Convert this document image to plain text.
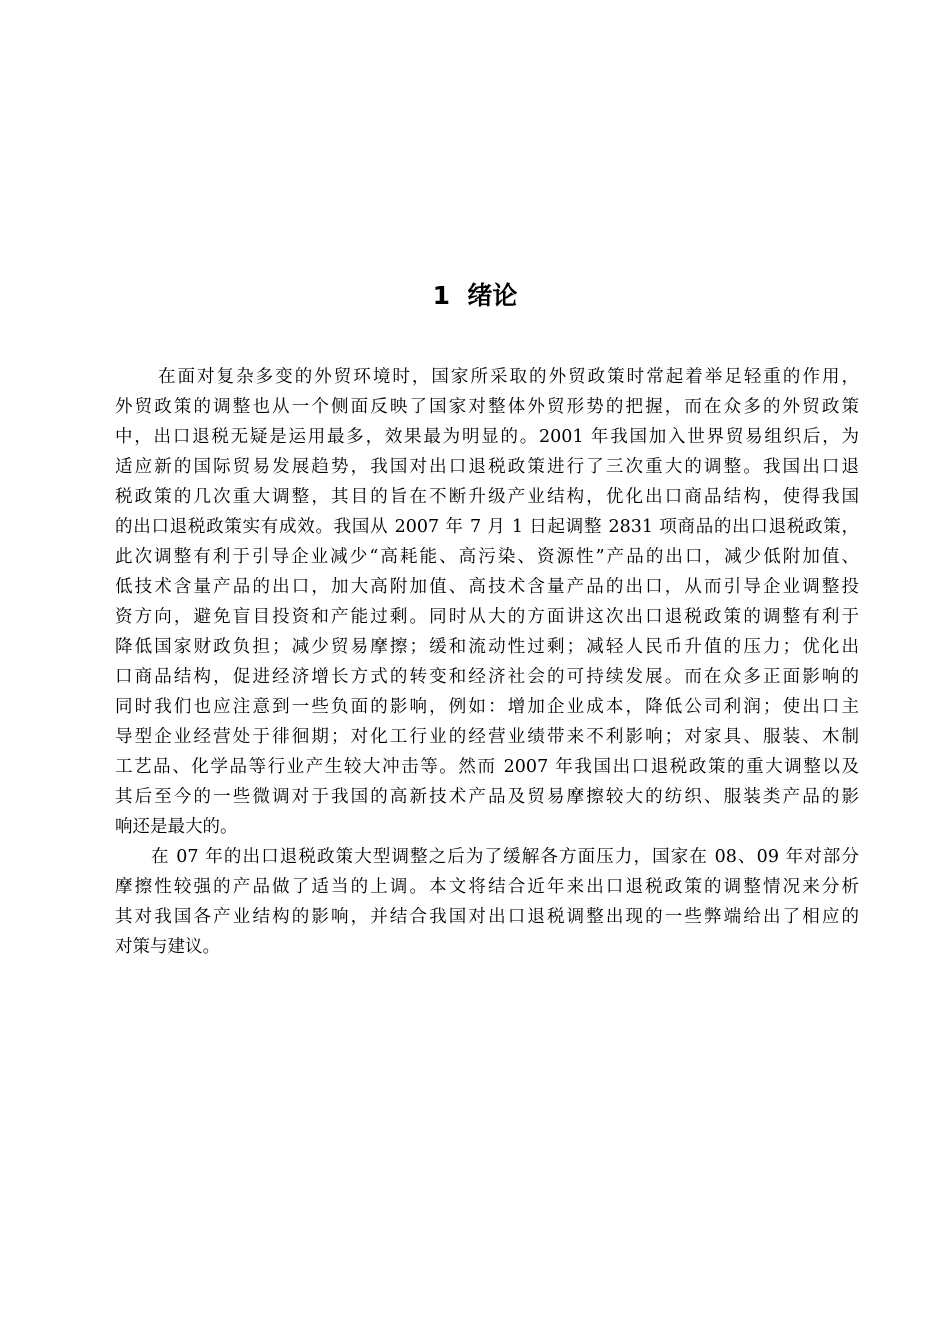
1  绪论
在面对复杂多变的外贸环境时，国家所采取的外贸政策时常起着举足轻重的作用，
外贸政策的调整也从一个侧面反映了国家对整体外贸形势的把握，而在众多的外贸政策
中，出口退税无疑是运用最多，效果最为明显的。2001 年我国加入世界贸易组织后，为
适应新的国际贸易发展趋势，我国对出口退税政策进行了三次重大的调整。我国出口退
税政策的几次重大调整，其目的旨在不断升级产业结构，优化出口商品结构，使得我国
的出口退税政策实有成效。我国从 2007 年 7 月 1 日起调整 2831 项商品的出口退税政策，
此次调整有利于引导企业减少“高耗能、高污染、资源性”产品的出口，减少低附加值、
低技术含量产品的出口，加大高附加值、高技术含量产品的出口，从而引导企业调整投
资方向，避免盲目投资和产能过剩。同时从大的方面讲这次出口退税政策的调整有利于
降低国家财政负担；减少贸易摩擦；缓和流动性过剩；减轻人民币升值的压力；优化出
口商品结构，促进经济增长方式的转变和经济社会的可持续发展。而在众多正面影响的
同时我们也应注意到一些负面的影响，例如：增加企业成本，降低公司利润；使出口主
导型企业经营处于徘徊期；对化工行业的经营业绩带来不利影响；对家具、服装、木制
工艺品、化学品等行业产生较大冲击等。然而 2007 年我国出口退税政策的重大调整以及
其后至今的一些微调对于我国的高新技术产品及贸易摩擦较大的纺织、服装类产品的影
响还是最大的。
在 07 年的出口退税政策大型调整之后为了缓解各方面压力，国家在 08、09 年对部分
摩擦性较强的产品做了适当的上调。本文将结合近年来出口退税政策的调整情况来分析
其对我国各产业结构的影响，并结合我国对出口退税调整出现的一些弊端给出了相应的
对策与建议。
